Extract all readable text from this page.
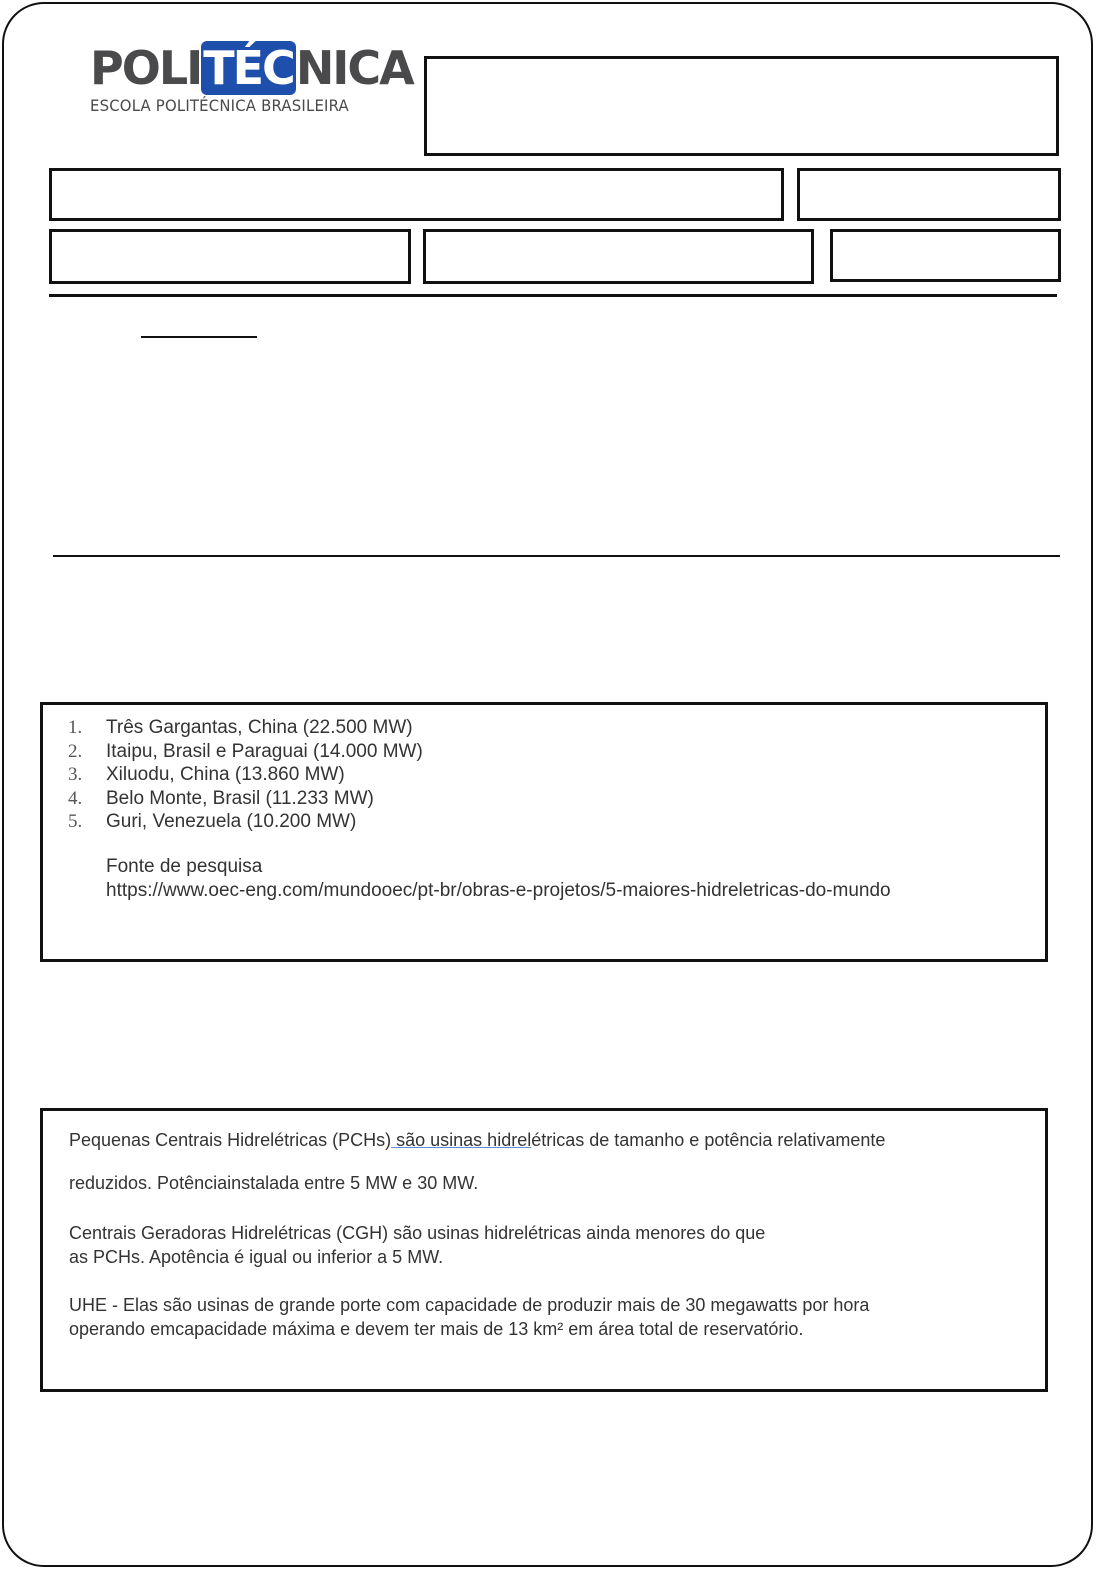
POLITÉCNICA
ESCOLA POLITÉCNICA BRASILEIRA
1.	Três Gargantas, China (22.500 MW)
2.	Itaipu, Brasil e Paraguai (14.000 MW)
3.	Xiluodu, China (13.860 MW)
4.	Belo Monte, Brasil (11.233 MW)
5.	Guri, Venezuela (10.200 MW)
Fonte de pesquisa
https://www.oec-eng.com/mundooec/pt-br/obras-e-projetos/5-maiores-hidreletricas-do-mundo

Pequenas Centrais Hidrelétricas (PCHs) são usinas hidrelétricas de tamanho e potência relativamente

reduzidos. Potênciainstalada entre 5 MW e 30 MW.

Centrais Geradoras Hidrelétricas (CGH) são usinas hidrelétricas ainda menores do que

as PCHs. Apotência é igual ou inferior a 5 MW.

UHE - Elas são usinas de grande porte com capacidade de produzir mais de 30 megawatts por hora

operando emcapacidade máxima e devem ter mais de 13 km² em área total de reservatório.
